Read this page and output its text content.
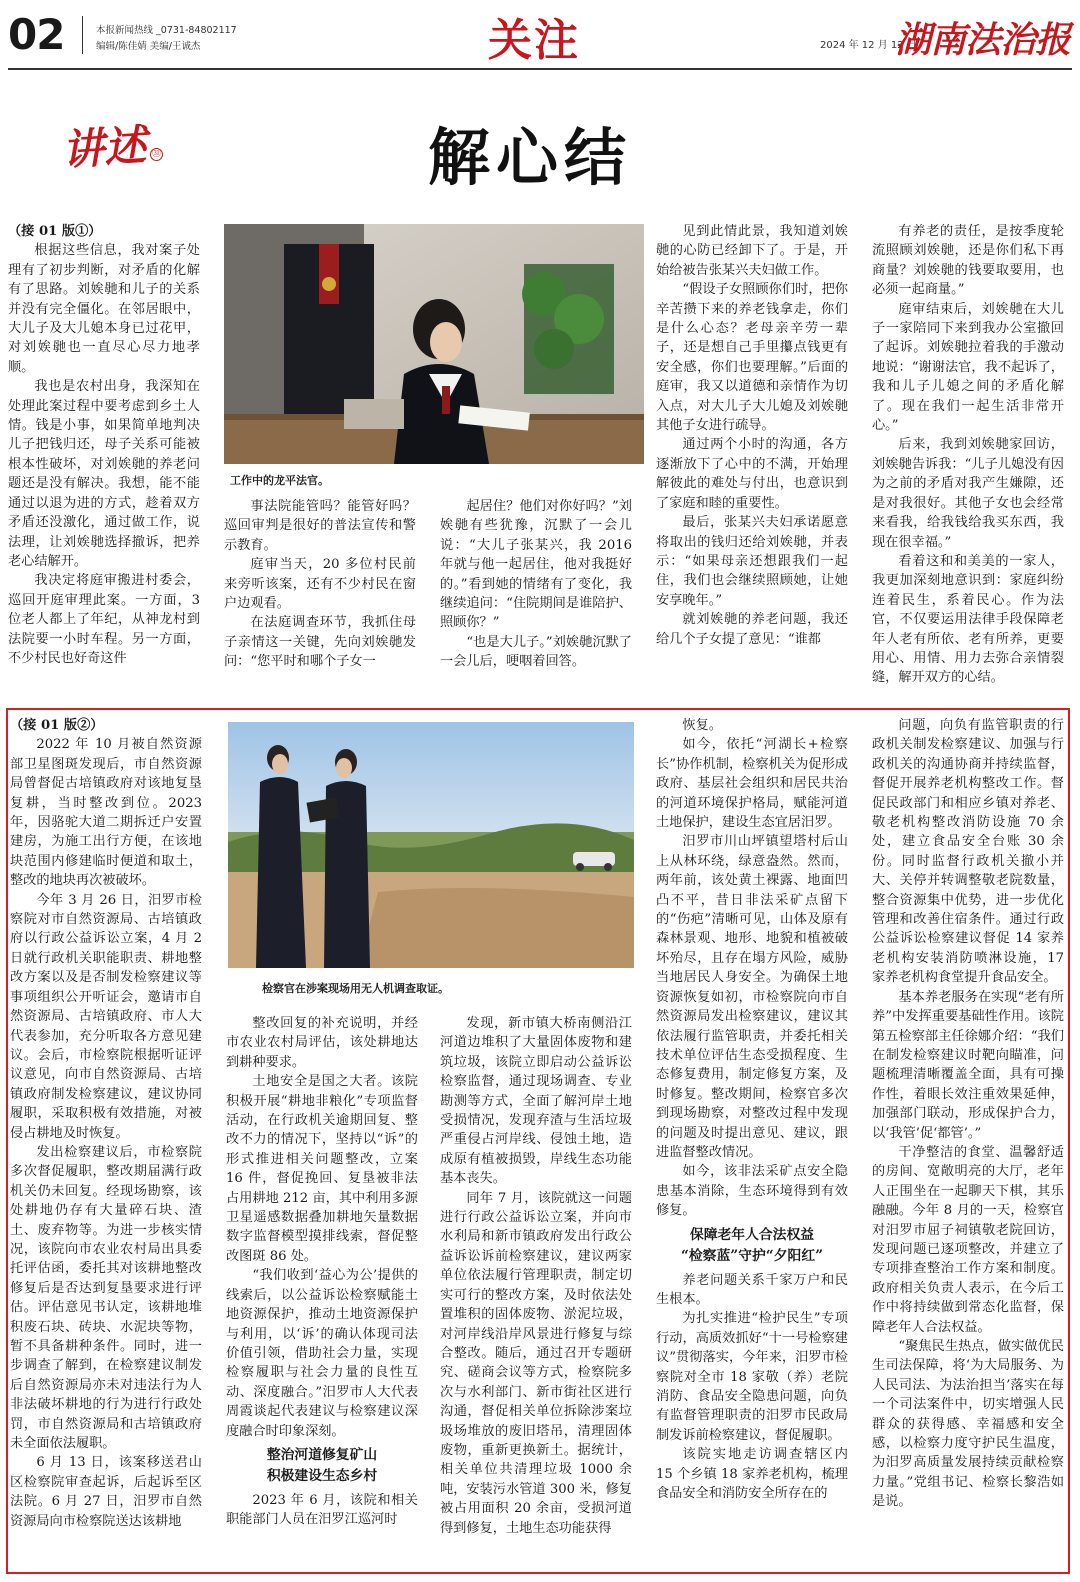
02	本报新闻热线 _0731-84802117
编辑/陈佳婧 美编/王诚杰	关注	2024 年 12 月 12 日
湖南法治报
讲述 ㉛	解心结

（接 01 版①）

根据这些信息，我对案子处理有了初步判断，对矛盾的化解有了思路。刘娭毑和儿子的关系并没有完全僵化。在邻居眼中，大儿子及大儿媳本身已过花甲，对刘娭毑也一直尽心尽力地孝顺。

我也是农村出身，我深知在处理此案过程中要考虑到乡土人情。钱是小事，如果简单地判决儿子把钱归还，母子关系可能被根本性破坏，对刘娭毑的养老问题还是没有解决。我想，能不能通过以退为进的方式，趁着双方矛盾还没激化，通过做工作，说法理，让刘娭毑选择撤诉，把养老心结解开。

我决定将庭审搬进村委会，巡回开庭审理此案。一方面，3 位老人都上了年纪，从神龙村到法院要一小时车程。另一方面，不少村民也好奇这件

工作中的龙平法官。

事法院能管吗？能管好吗？巡回审判是很好的普法宣传和警示教育。

庭审当天，20 多位村民前来旁听该案，还有不少村民在窗户边观看。

在法庭调查环节，我抓住母子亲情这一关键，先向刘娭毑发问：“您平时和哪个子女一

起居住？他们对你好吗？”刘娭毑有些犹豫，沉默了一会儿说：“大儿子张某兴，我 2016 年就与他一起居住，他对我挺好的。”看到她的情绪有了变化，我继续追问：“住院期间是谁陪护、照顾你？”

“也是大儿子。”刘娭毑沉默了一会儿后，哽咽着回答。

见到此情此景，我知道刘娭毑的心防已经卸下了。于是，开始给被告张某兴夫妇做工作。

“假设子女照顾你们时，把你辛苦攒下来的养老钱拿走，你们是什么心态？老母亲辛劳一辈子，还是想自己手里攥点钱更有安全感，你们也要理解。”后面的庭审，我又以道德和亲情作为切入点，对大儿子大儿媳及刘娭毑其他子女进行疏导。

通过两个小时的沟通，各方逐渐放下了心中的不满，开始理解彼此的难处与付出，也意识到了家庭和睦的重要性。

最后，张某兴夫妇承诺愿意将取出的钱归还给刘娭毑，并表示：“如果母亲还想跟我们一起住，我们也会继续照顾她，让她安享晚年。”

就刘娭毑的养老问题，我还给几个子女提了意见：“谁都

有养老的责任，是按季度轮流照顾刘娭毑，还是你们私下再商量？刘娭毑的钱要取要用，也必须一起商量。”

庭审结束后，刘娭毑在大儿子一家陪同下来到我办公室撤回了起诉。刘娭毑拉着我的手激动地说：“谢谢法官，我不起诉了，我和儿子儿媳之间的矛盾化解了。现在我们一起生活非常开心。”

后来，我到刘娭毑家回访，刘娭毑告诉我：“儿子儿媳没有因为之前的矛盾对我产生嫌隙，还是对我很好。其他子女也会经常来看我，给我钱给我买东西，我现在很幸福。”

看着这和和美美的一家人，我更加深刻地意识到：家庭纠纷连着民生，系着民心。作为法官，不仅要运用法律手段保障老年人老有所依、老有所养，更要用心、用情、用力去弥合亲情裂缝，解开双方的心结。

（接 01 版②）

2022 年 10 月被自然资源部卫星图斑发现后，市自然资源局曾督促古培镇政府对该地复垦复耕，当时整改到位。2023 年，因骆驼大道二期拆迁户安置建房，为施工出行方便，在该地块范围内修建临时便道和取土，整改的地块再次被破坏。

今年 3 月 26 日，汨罗市检察院对市自然资源局、古培镇政府以行政公益诉讼立案，4 月 2 日就行政机关职能职责、耕地整改方案以及是否制发检察建议等事项组织公开听证会，邀请市自然资源局、古培镇政府、市人大代表参加，充分听取各方意见建议。会后，市检察院根据听证评议意见，向市自然资源局、古培镇政府制发检察建议，建议协同履职，采取积极有效措施，对被侵占耕地及时恢复。

发出检察建议后，市检察院多次督促履职，整改期届满行政机关仍未回复。经现场勘察，该处耕地仍存有大量碎石块、渣土、废弃物等。为进一步核实情况，该院向市农业农村局出具委托评估函，委托其对该耕地整改修复后是否达到复垦要求进行评估。评估意见书认定，该耕地堆积废石块、砖块、水泥块等物，暂不具备耕种条件。同时，进一步调查了解到，在检察建议制发后自然资源局亦未对违法行为人非法破坏耕地的行为进行行政处罚，市自然资源局和古培镇政府未全面依法履职。

6 月 13 日，该案移送君山区检察院审查起诉，后起诉至区法院。6 月 27 日，汨罗市自然资源局向市检察院送达该耕地

检察官在涉案现场用无人机调查取证。

整改回复的补充说明，并经市农业农村局评估，该处耕地达到耕种要求。

土地安全是国之大者。该院积极开展“耕地非粮化”专项监督活动，在行政机关逾期回复、整改不力的情况下，坚持以“诉”的形式推进相关问题整改，立案 16 件，督促挽回、复垦被非法占用耕地 212 亩，其中利用多源卫星遥感数据叠加耕地矢量数据数字监督模型摸排线索，督促整改图斑 86 处。

“我们收到‘益心为公’提供的线索后，以公益诉讼检察赋能土地资源保护，推动土地资源保护与利用，以‘诉’的确认体现司法价值引领，借助社会力量，实现检察履职与社会力量的良性互动、深度融合。”汨罗市人大代表周霞谈起代表建议与检察建议深度融合时印象深刻。

整治河道修复矿山
积极建设生态乡村

2023 年 6 月，该院和相关职能部门人员在汨罗江巡河时

发现，新市镇大桥南侧沿江河道边堆积了大量固体废物和建筑垃圾，该院立即启动公益诉讼检察监督，通过现场调查、专业勘测等方式，全面了解河岸土地受损情况，发现弃渣与生活垃圾严重侵占河岸线、侵蚀土地，造成原有植被损毁，岸线生态功能基本丧失。

同年 7 月，该院就这一问题进行行政公益诉讼立案，并向市水利局和新市镇政府发出行政公益诉讼诉前检察建议，建议两家单位依法履行管理职责，制定切实可行的整改方案，及时依法处置堆积的固体废物、淤泥垃圾，对河岸线沿岸风景进行修复与综合整改。随后，通过召开专题研究、磋商会议等方式，检察院多次与水利部门、新市街社区进行沟通，督促相关单位拆除涉案垃圾场堆放的废旧塔吊，清理固体废物，重新更换新土。据统计，相关单位共清理垃圾 1000 余吨，安装污水管道 300 米，修复被占用面积 20 余亩，受损河道得到修复，土地生态功能获得

恢复。

如今，依托“河湖长+检察长”协作机制，检察机关为促形成政府、基层社会组织和居民共治的河道环境保护格局，赋能河道土地保护，建设生态宜居汨罗。

汨罗市川山坪镇望塔村后山上从林环绕，绿意盎然。然而，两年前，该处黄土裸露、地面凹凸不平，昔日非法采矿点留下的“伤疤”清晰可见，山体及原有森林景观、地形、地貌和植被破坏殆尽，且存在塌方风险，威胁当地居民人身安全。为确保土地资源恢复如初，市检察院向市自然资源局发出检察建议，建议其依法履行监管职责，并委托相关技术单位评估生态受损程度、生态修复费用，制定修复方案，及时修复。整改期间，检察官多次到现场勘察，对整改过程中发现的问题及时提出意见、建议，跟进监督整改情况。

如今，该非法采矿点安全隐患基本消除，生态环境得到有效修复。

保障老年人合法权益
“检察蓝”守护“夕阳红”

养老问题关系千家万户和民生根本。

为扎实推进“检护民生”专项行动，高质效抓好“十一号检察建议”贯彻落实，今年来，汨罗市检察院对全市 18 家敬（养）老院消防、食品安全隐患问题，向负有监督管理职责的汨罗市民政局制发诉前检察建议，督促履职。

该院实地走访调查辖区内 15 个乡镇 18 家养老机构，梳理食品安全和消防安全所存在的

问题，向负有监管职责的行政机关制发检察建议、加强与行政机关的沟通协商并持续监督，督促开展养老机构整改工作。督促民政部门和相应乡镇对养老、敬老机构整改消防设施 70 余处，建立食品安全台账 30 余份。同时监督行政机关撤小并大、关停并转调整敬老院数量，整合资源集中优势，进一步优化管理和改善住宿条件。通过行政公益诉讼检察建议督促 14 家养老机构安装消防喷淋设施，17 家养老机构食堂提升食品安全。

基本养老服务在实现“老有所养”中发挥重要基础性作用。该院第五检察部主任徐娜介绍：“我们在制发检察建议时靶向瞄准，问题梳理清晰覆盖全面，具有可操作性，着眼长效注重效果延伸，加强部门联动，形成保护合力，以‘我管’促‘都管’。”

干净整洁的食堂、温馨舒适的房间、宽敞明亮的大厅，老年人正围坐在一起聊天下棋，其乐融融。今年 8 月的一天，检察官对汨罗市屈子祠镇敬老院回访，发现问题已逐项整改，并建立了专项排查整治工作方案和制度。政府相关负责人表示，在今后工作中将持续做到常态化监督，保障老年人合法权益。

“聚焦民生热点，做实做优民生司法保障，将‘为大局服务、为人民司法、为法治担当’落实在每一个司法案件中，切实增强人民群众的获得感、幸福感和安全感，以检察力度守护民生温度，为汨罗高质量发展持续贡献检察力量。”党组书记、检察长黎浩如是说。
